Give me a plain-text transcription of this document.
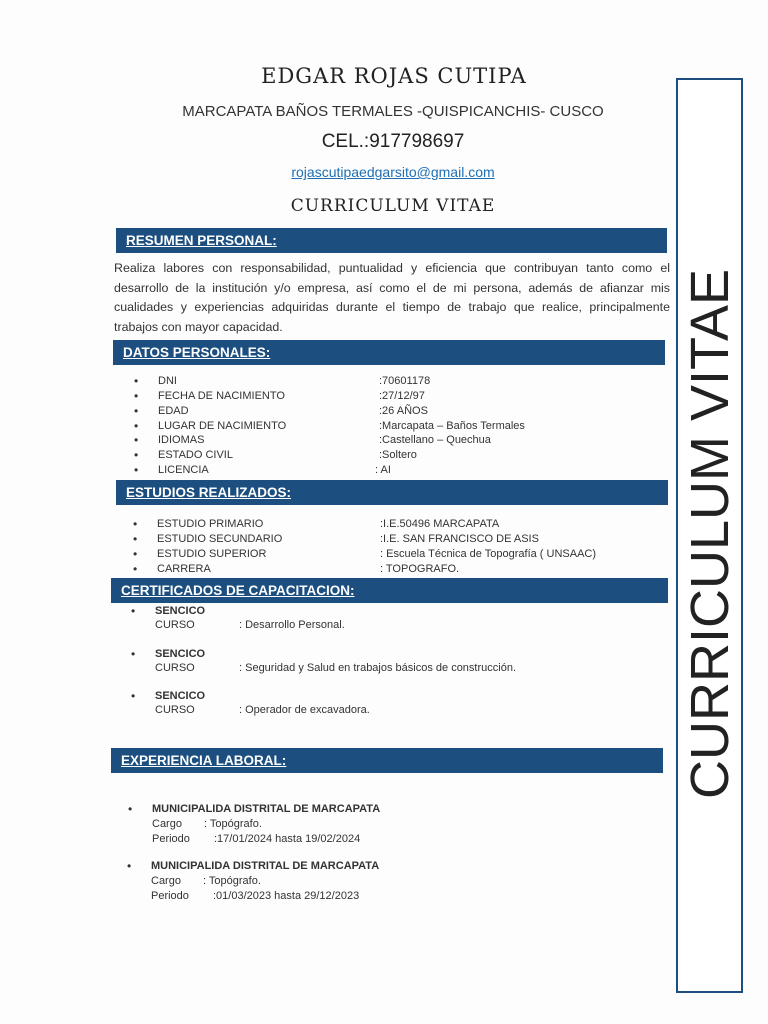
EDGAR ROJAS CUTIPA
MARCAPATA BAÑOS TERMALES -QUISPICANCHIS- CUSCO
CEL.:917798697
rojascutipaedgarsito@gmail.com
CURRICULUM VITAE
RESUMEN PERSONAL:
Realiza labores con responsabilidad, puntualidad y eficiencia que contribuyan tanto como el desarrollo de la institución y/o empresa, así como el de mi persona, además de afianzar mis cualidades y experiencias adquiridas durante el tiempo de trabajo que realice, principalmente trabajos con mayor capacidad.
DATOS PERSONALES:
• DNI	:70601178
• FECHA DE NACIMIENTO	:27/12/97
• EDAD	:26 AÑOS
• LUGAR DE NACIMIENTO	:Marcapata – Baños Termales
• IDIOMAS	:Castellano – Quechua
• ESTADO CIVIL	:Soltero
• LICENCIA	: AI
ESTUDIOS REALIZADOS:
• ESTUDIO PRIMARIO	:I.E.50496 MARCAPATA
• ESTUDIO SECUNDARIO	:I.E. SAN FRANCISCO DE ASIS
• ESTUDIO SUPERIOR	: Escuela Técnica de Topografía ( UNSAAC)
• CARRERA	: TOPOGRAFO.
CERTIFICADOS DE CAPACITACION:
• SENCICO
CURSO	: Desarrollo Personal.
• SENCICO
CURSO	: Seguridad y Salud en trabajos básicos de construcción.
• SENCICO
CURSO	: Operador de excavadora.
EXPERIENCIA LABORAL:
• MUNICIPALIDA DISTRITAL DE MARCAPATA
Cargo : Topógrafo.
Periodo :17/01/2024 hasta 19/02/2024
• MUNICIPALIDA DISTRITAL DE MARCAPATA
Cargo : Topógrafo.
Periodo :01/03/2023 hasta 29/12/2023
CURRICULUM VITAE
